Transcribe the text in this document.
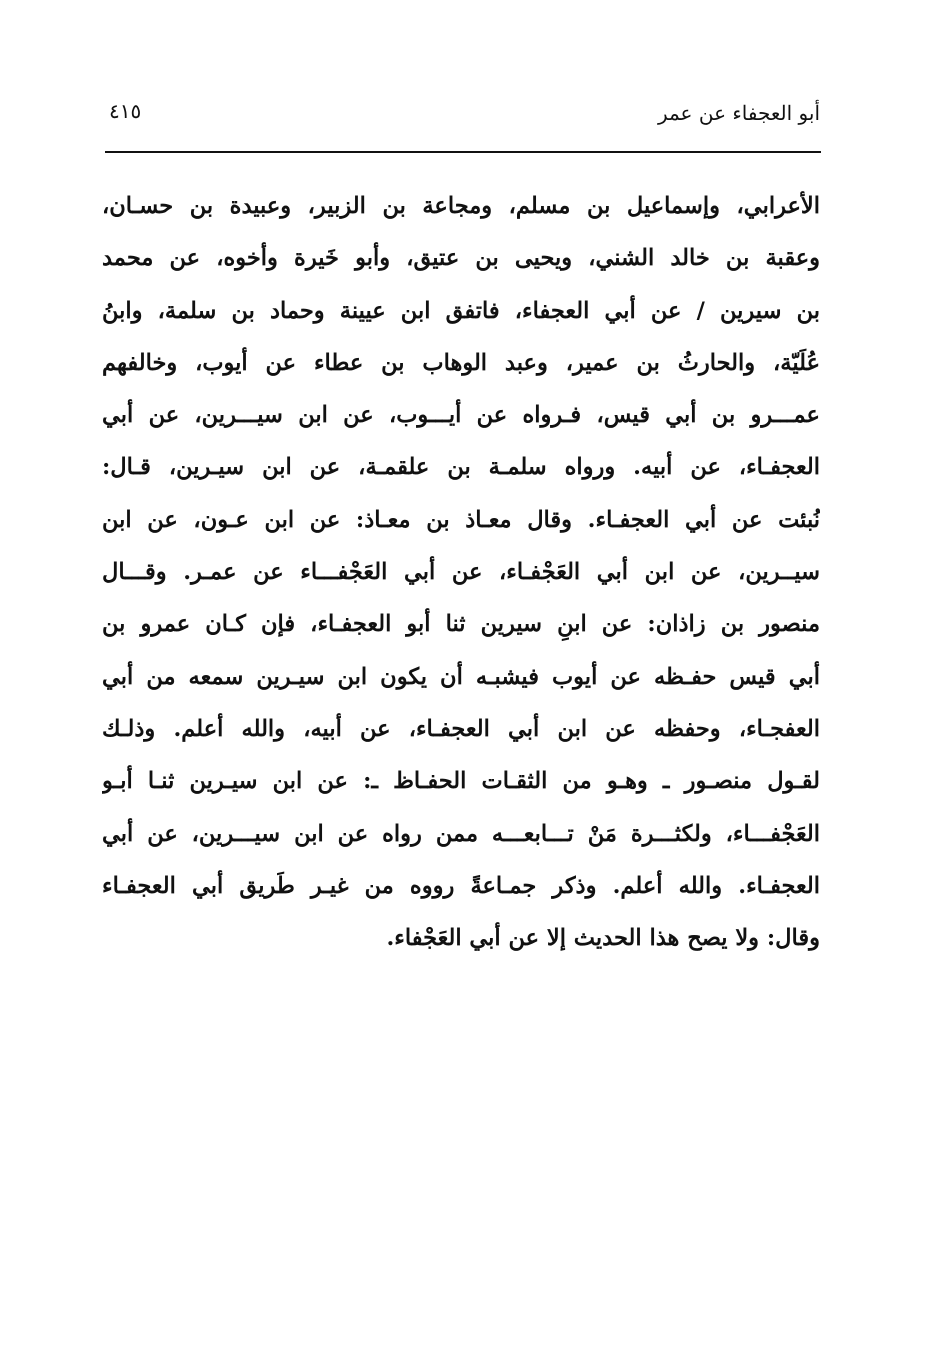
أبو العجفاء عن عمر
٤١٥
الأعرابي، وإسماعيل بن مسلم، ومجاعة بن الزبير، وعبيدة بن حسـان،
وعقبة بن خالد الشني، ويحيى بن عتيق، وأبو خَيرة وأخوه، عن محمد
بن سيرين / عن أبي العجفاء، فاتفق ابن عيينة وحماد بن سلمة، وابنُ
عُلَيّة، والحارثُ بن عمير، وعبد الوهاب بن عطاء عن أيوب، وخالفهم
عمـــرو بن أبي قيس، فـرواه عن أيـــوب، عن ابن سيـــرين، عن أبي
العجفـاء، عن أبيه. ورواه سلمـة بن علقمـة، عن ابن سيـرين، قـال:
نُبئت عن أبي العجفـاء. وقال معـاذ بن معـاذ: عن ابن عـون، عن ابن
سيــرين، عن ابن أبي العَجْفـاء، عن أبي العَجْفـــاء عن عمـر. وقـــال
منصور بن زاذان: عن ابنِ سيرين ثنا أبو العجفـاء، فإن كـان عمرو بن
أبي قيس حفـظه عن أيوب فيشبـه أن يكون ابن سيـرين سمعه من أبي
العفجـاء، وحفظه عن ابن أبي العجفـاء، عن أبيه، والله أعلم. وذلـك
لقـول منصـور ـ وهـو من الثقـات الحفـاظ ـ: عن ابن سيـرين ثنـا أبـو
العَجْفـــاء، ولكثـــرة مَنْ تـــابعـــه ممن رواه عن ابن سيـــرين، عن أبي
العجفـاء. والله أعلم. وذكر جمـاعةً رووه من غيـر طَريق أبي العجفـاء
وقال: ولا يصح هذا الحديث إلا عن أبي العَجْفاء.
